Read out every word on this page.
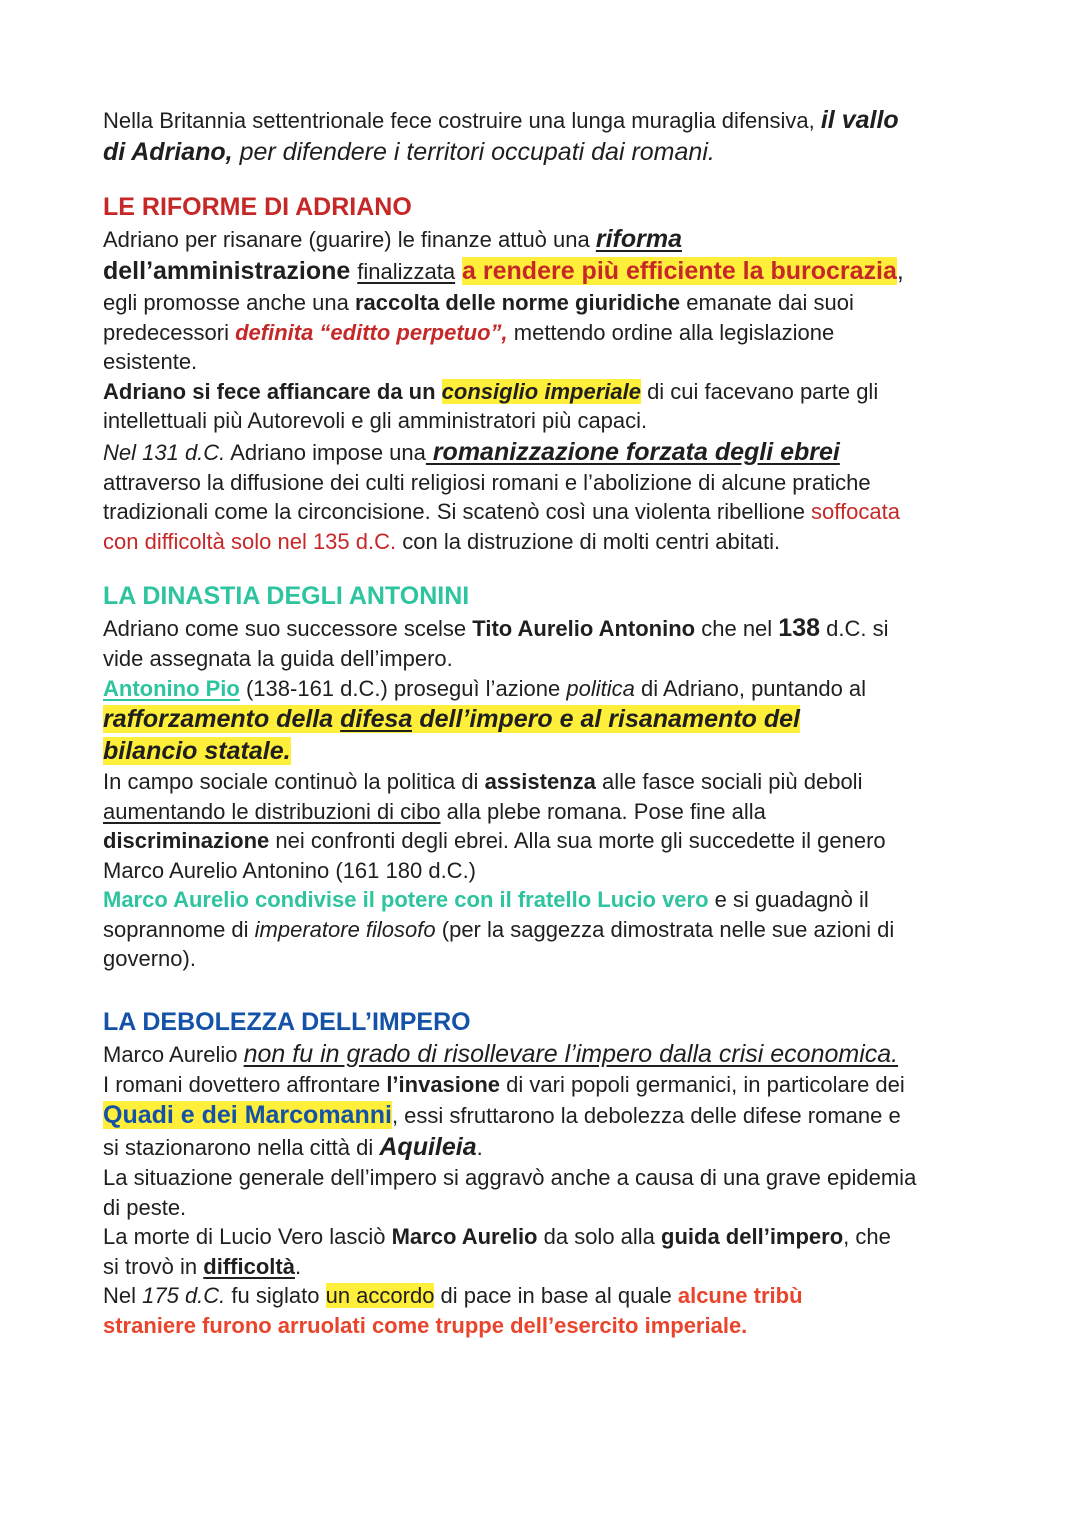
Nella Britannia settentrionale fece costruire una lunga muraglia difensiva, il vallo

di Adriano, per difendere i territori occupati dai romani.

LE RIFORME DI ADRIANO

Adriano per risanare (guarire) le finanze attuò una riforma

dell’amministrazione finalizzata a rendere più efficiente la burocrazia,

egli promosse anche una raccolta delle norme giuridiche emanate dai suoi

predecessori definita “editto perpetuo”, mettendo ordine alla legislazione

esistente.

Adriano si fece affiancare da un consiglio imperiale di cui facevano parte gli

intellettuali più Autorevoli e gli amministratori più capaci.

Nel 131 d.C. Adriano impose una romanizzazione forzata degli ebrei

attraverso la diffusione dei culti religiosi romani e l’abolizione di alcune pratiche

tradizionali come la circoncisione. Si scatenò così una violenta ribellione soffocata

con difficoltà solo nel 135 d.C. con la distruzione di molti centri abitati.

LA DINASTIA DEGLI ANTONINI

Adriano come suo successore scelse Tito Aurelio Antonino che nel 138 d.C. si

vide assegnata la guida dell’impero.

Antonino Pio (138-161 d.C.) proseguì l’azione politica di Adriano, puntando al

rafforzamento della difesa dell’impero e al risanamento del

bilancio statale.

In campo sociale continuò la politica di assistenza alle fasce sociali più deboli

aumentando le distribuzioni di cibo alla plebe romana. Pose fine alla

discriminazione nei confronti degli ebrei. Alla sua morte gli succedette il genero

Marco Aurelio Antonino (161 180 d.C.)

Marco Aurelio condivise il potere con il fratello Lucio vero e si guadagnò il

soprannome di imperatore filosofo (per la saggezza dimostrata nelle sue azioni di

governo).

LA DEBOLEZZA DELL’IMPERO

Marco Aurelio non fu in grado di risollevare l’impero dalla crisi economica.

I romani dovettero affrontare l’invasione di vari popoli germanici, in particolare dei

Quadi e dei Marcomanni, essi sfruttarono la debolezza delle difese romane e

si stazionarono nella città di Aquileia.

La situazione generale dell’impero si aggravò anche a causa di una grave epidemia

di peste.

La morte di Lucio Vero lasciò Marco Aurelio da solo alla guida dell’impero, che

si trovò in difficoltà.

Nel 175 d.C. fu siglato un accordo di pace in base al quale alcune tribù

straniere furono arruolati come truppe dell’esercito imperiale.
